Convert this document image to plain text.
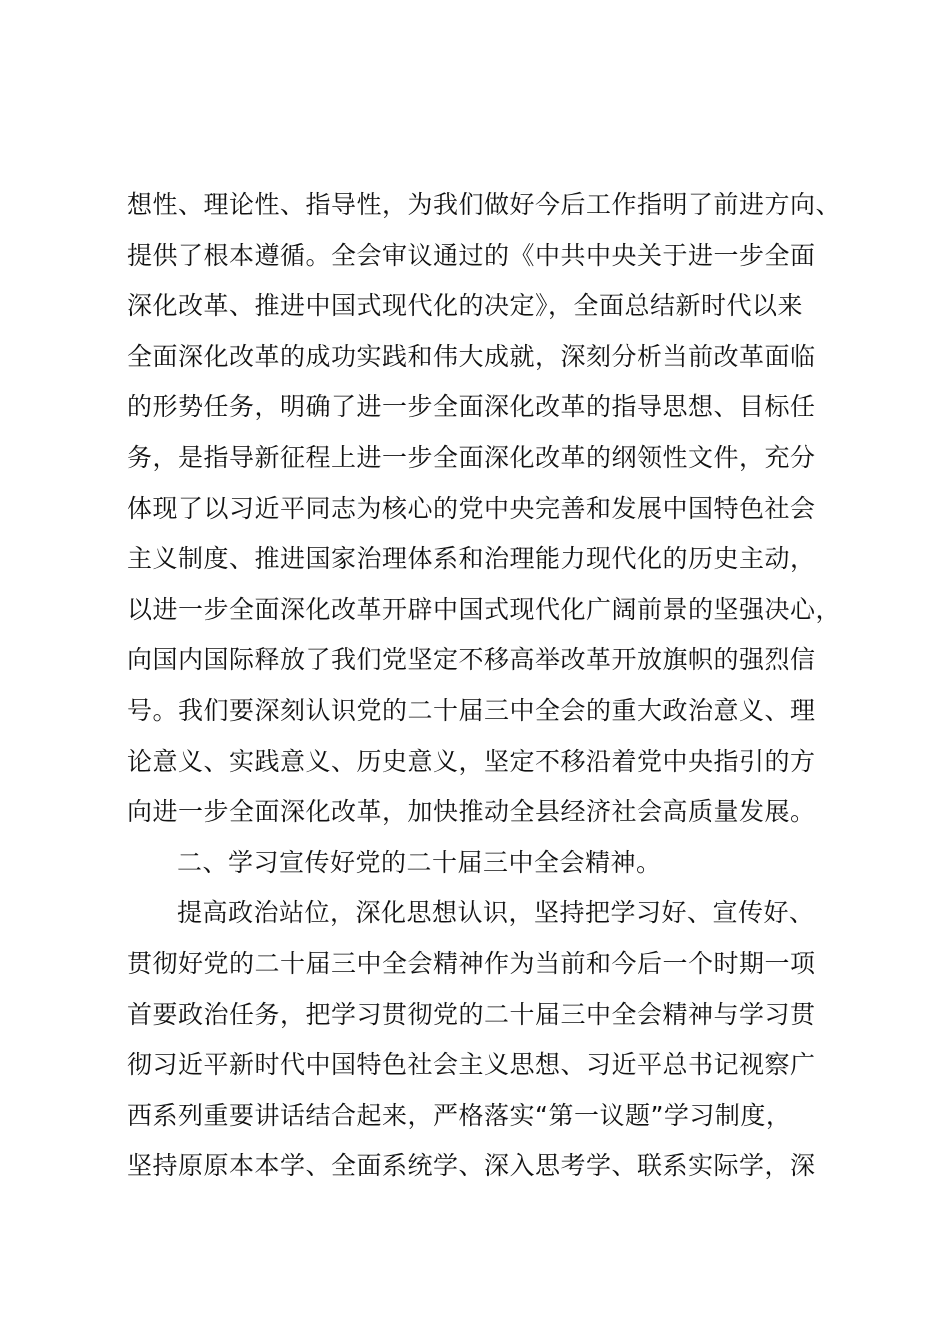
想性、理论性、指导性，为我们做好今后工作指明了前进方向、
提供了根本遵循。全会审议通过的《中共中央关于进一步全面
深化改革、推进中国式现代化的决定》，全面总结新时代以来
全面深化改革的成功实践和伟大成就，深刻分析当前改革面临
的形势任务，明确了进一步全面深化改革的指导思想、目标任
务，是指导新征程上进一步全面深化改革的纲领性文件，充分
体现了以习近平同志为核心的党中央完善和发展中国特色社会
主义制度、推进国家治理体系和治理能力现代化的历史主动，
以进一步全面深化改革开辟中国式现代化广阔前景的坚强决心，
向国内国际释放了我们党坚定不移高举改革开放旗帜的强烈信
号。我们要深刻认识党的二十届三中全会的重大政治意义、理
论意义、实践意义、历史意义，坚定不移沿着党中央指引的方
向进一步全面深化改革，加快推动全县经济社会高质量发展。
二、学习宣传好党的二十届三中全会精神。
提高政治站位，深化思想认识，坚持把学习好、宣传好、
贯彻好党的二十届三中全会精神作为当前和今后一个时期一项
首要政治任务，把学习贯彻党的二十届三中全会精神与学习贯
彻习近平新时代中国特色社会主义思想、习近平总书记视察广
西系列重要讲话结合起来，严格落实“第一议题”学习制度，
坚持原原本本学、全面系统学、深入思考学、联系实际学，深
